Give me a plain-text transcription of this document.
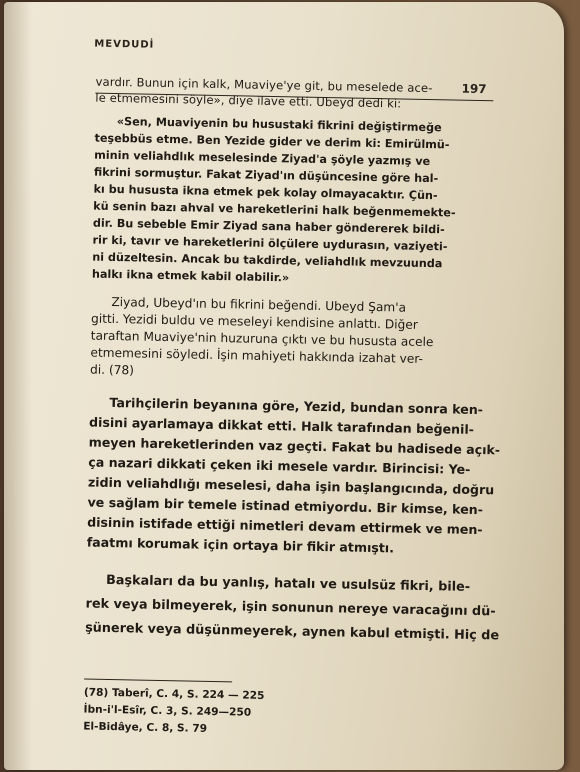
MEVDUDİ
197
vardır. Bunun için kalk, Muaviye'ye git, bu meselede ace-
le etmemesini söyle», diye ilave etti. Ubeyd dedi ki:
«Sen, Muaviyenin bu husustaki fikrini değiştirmeğe
teşebbüs etme. Ben Yezide gider ve derim ki: Emirülmü-
minin veliahdlık meselesinde Ziyad'a şöyle yazmış ve
fikrini sormuştur. Fakat Ziyad'ın düşüncesine göre hal-
kı bu hususta ikna etmek pek kolay olmayacaktır. Çün-
kü senin bazı ahval ve hareketlerini halk beğenmemekte-
dir. Bu sebeble Emir Ziyad sana haber göndererek bildi-
rir ki, tavır ve hareketlerini ölçülere uydurasın, vaziyeti-
ni düzeltesin. Ancak bu takdirde, veliahdlık mevzuunda
halkı ikna etmek kabil olabilir.»
Ziyad, Ubeyd'ın bu fikrini beğendi. Ubeyd Şam'a
gitti. Yezidi buldu ve meseleyi kendisine anlattı. Diğer
taraftan Muaviye'nin huzuruna çıktı ve bu hususta acele
etmemesini söyledi. İşin mahiyeti hakkında izahat ver-
di. (78)
Tarihçilerin beyanına göre, Yezid, bundan sonra ken-
disini ayarlamaya dikkat etti. Halk tarafından beğenil-
meyen hareketlerinden vaz geçti. Fakat bu hadisede açık-
ça nazari dikkati çeken iki mesele vardır. Birincisi: Ye-
zidin veliahdlığı meselesi, daha işin başlangıcında, doğru
ve sağlam bir temele istinad etmiyordu. Bir kimse, ken-
disinin istifade ettiği nimetleri devam ettirmek ve men-
faatmı korumak için ortaya bir fikir atmıştı.
Başkaları da bu yanlış, hatalı ve usulsüz fikri, bile-
rek veya bilmeyerek, işin sonunun nereye varacağını dü-
şünerek veya düşünmeyerek, aynen kabul etmişti. Hiç de
(78) Taberî, C. 4, S. 224 — 225
İbn-i'l-Esîr, C. 3, S. 249—250
El-Bidâye, C. 8, S. 79
